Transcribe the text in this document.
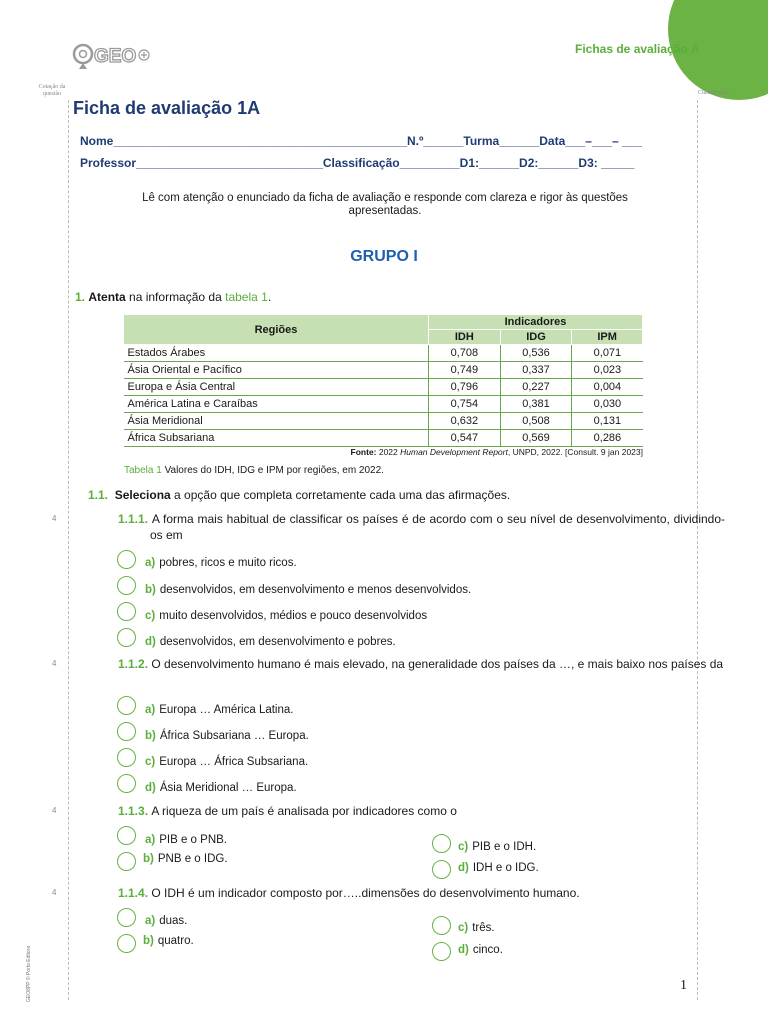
GEO	Fichas de avaliação A
Cotação da questão	Classificação
Ficha de avaliação 1A
Nome____________________________________________N.º______Turma______Data___–___– ___
Professor____________________________Classificação_________D1:______D2:______D3: _____
Lê com atenção o enunciado da ficha de avaliação e responde com clareza e rigor às questões apresentadas.
GRUPO I
1. Atenta na informação da tabela 1.
Regiões	Indicadores		
	IDH	IDG	IPM
Estados Árabes	0,708	0,536	0,071
Ásia Oriental e Pacífico	0,749	0,337	0,023
Europa e Ásia Central	0,796	0,227	0,004
América Latina e Caraíbas	0,754	0,381	0,030
Ásia Meridional	0,632	0,508	0,131
África Subsariana	0,547	0,569	0,286
Fonte: 2022 Human Development Report, UNPD, 2022. [Consult. 9 jan 2023]
Tabela 1 Valores do IDH, IDG e IPM por regiões, em 2022.
1.1. Seleciona a opção que completa corretamente cada uma das afirmações.
4	1.1.1. A forma mais habitual de classificar os países é de acordo com o seu nível de desenvolvimento, dividindo-os em
a) pobres, ricos e muito ricos.
b) desenvolvidos, em desenvolvimento e menos desenvolvidos.
c) muito desenvolvidos, médios e pouco desenvolvidos
d) desenvolvidos, em desenvolvimento e pobres.
4	1.1.2. O desenvolvimento humano é mais elevado, na generalidade dos países da …, e mais baixo nos países da
a) Europa … América Latina.
b) África Subsariana … Europa.
c) Europa … África Subsariana.
d) Ásia Meridional … Europa.
4	1.1.3. A riqueza de um país é analisada por indicadores como o
a) PIB e o PNB.
b) PNB e o IDG.
c) PIB e o IDH.
d) IDH e o IDG.
4	1.1.4. O IDH é um indicador composto por…..dimensões do desenvolvimento humano.
a) duas.
b) quatro.
c) três.
d) cinco.
1
GEO8PP © Porto Editora
